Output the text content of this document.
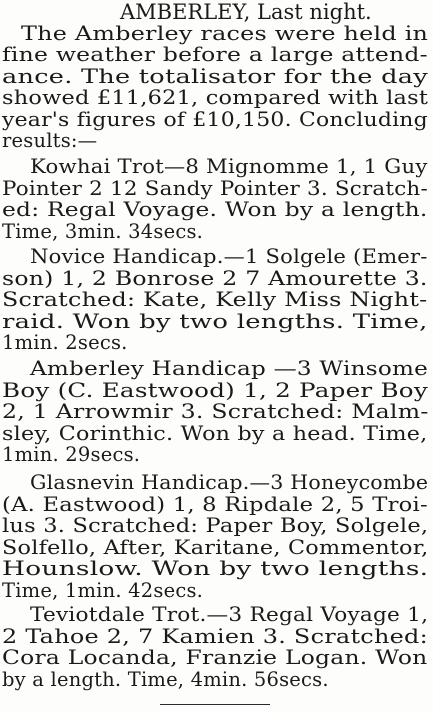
AMBERLEY, Last night.
The Amberley races were held in
fine weather before a large attend-
ance. The totalisator for the day
showed £11,621, compared with last
year's figures of £10,150. Concluding
results:—
Kowhai Trot—8 Mignomme 1, 1 Guy
Pointer 2 12 Sandy Pointer 3. Scratch-
ed: Regal Voyage. Won by a length.
Time, 3min. 34secs.
Novice Handicap.—1 Solgele (Emer-
son) 1, 2 Bonrose 2 7 Amourette 3.
Scratched: Kate, Kelly Miss Night-
raid. Won by two lengths. Time,
1min. 2secs.
Amberley Handicap —3 Winsome
Boy (C. Eastwood) 1, 2 Paper Boy
2, 1 Arrowmir 3. Scratched: Malm-
sley, Corinthic. Won by a head. Time,
1min. 29secs.
Glasnevin Handicap.—3 Honeycombe
(A. Eastwood) 1, 8 Ripdale 2, 5 Troi-
lus 3. Scratched: Paper Boy, Solgele,
Solfello, After, Karitane, Commentor,
Hounslow. Won by two lengths.
Time, 1min. 42secs.
Teviotdale Trot.—3 Regal Voyage 1,
2 Tahoe 2, 7 Kamien 3. Scratched:
Cora Locanda, Franzie Logan. Won
by a length. Time, 4min. 56secs.
